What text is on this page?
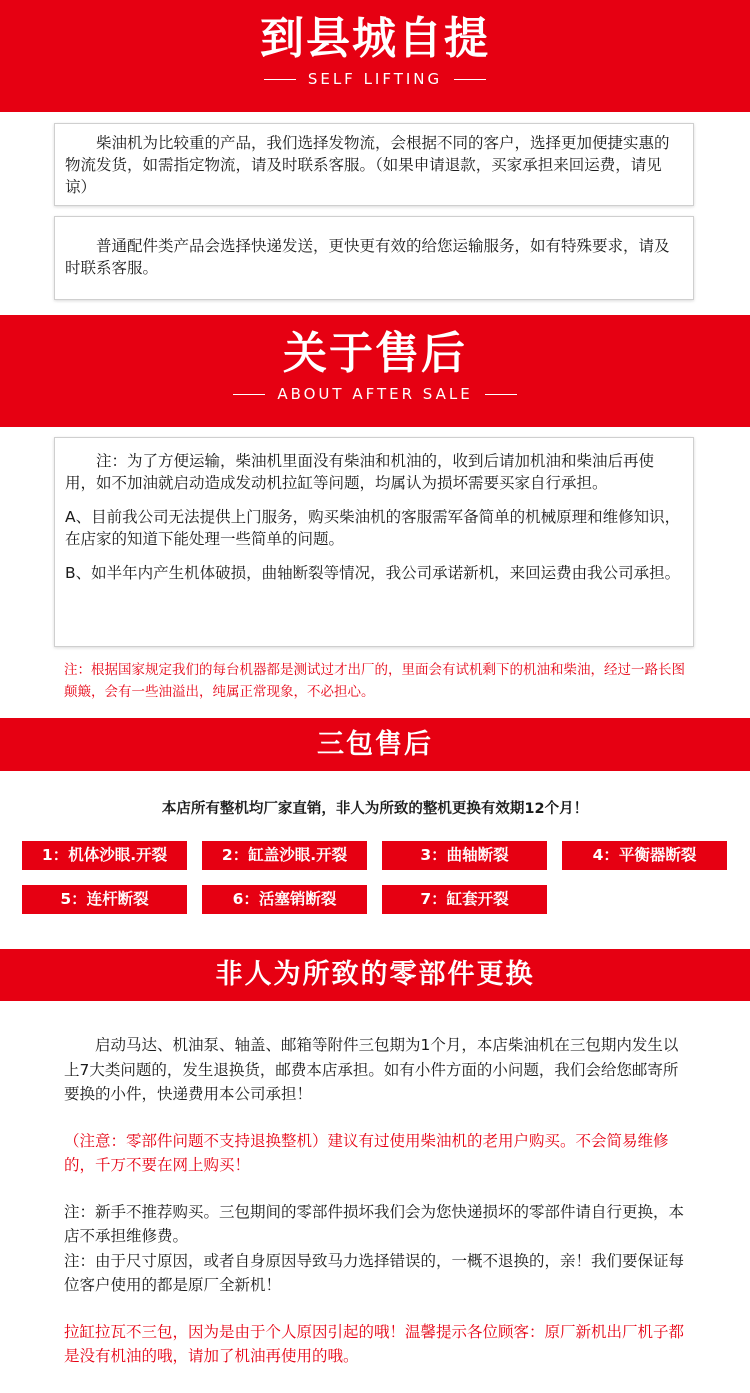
到县城自提
SELF LIFTING

柴油机为比较重的产品，我们选择发物流，会根据不同的客户，选择更加便捷实惠的物流发货，如需指定物流，请及时联系客服。（如果申请退款，买家承担来回运费，请见谅）

普通配件类产品会选择快递发送，更快更有效的给您运输服务，如有特殊要求，请及时联系客服。

关于售后
ABOUT AFTER SALE

注：为了方便运输，柴油机里面没有柴油和机油的，收到后请加机油和柴油后再使用，如不加油就启动造成发动机拉缸等问题，均属认为损坏需要买家自行承担。

A、目前我公司无法提供上门服务，购买柴油机的客服需军备简单的机械原理和维修知识，在店家的知道下能处理一些简单的问题。

B、如半年内产生机体破损，曲轴断裂等情况，我公司承诺新机，来回运费由我公司承担。

注：根据国家规定我们的每台机器都是测试过才出厂的，里面会有试机剩下的机油和柴油，经过一路长图颠簸，会有一些油溢出，纯属正常现象，不必担心。
三包售后
本店所有整机均厂家直销，非人为所致的整机更换有效期12个月！
1：机体沙眼.开裂	2：缸盖沙眼.开裂	3：曲轴断裂	4：平衡器断裂
5：连杆断裂	6：活塞销断裂	7：缸套开裂
非人为所致的零部件更换

启动马达、机油泵、轴盖、邮箱等附件三包期为1个月，本店柴油机在三包期内发生以上7大类问题的，发生退换货，邮费本店承担。如有小件方面的小问题，我们会给您邮寄所要换的小件，快递费用本公司承担！

（注意：零部件问题不支持退换整机）建议有过使用柴油机的老用户购买。不会简易维修的，千万不要在网上购买！

注：新手不推荐购买。三包期间的零部件损坏我们会为您快递损坏的零部件请自行更换，本店不承担维修费。

注：由于尺寸原因，或者自身原因导致马力选择错误的，一概不退换的，亲！我们要保证每位客户使用的都是原厂全新机！

拉缸拉瓦不三包，因为是由于个人原因引起的哦！温馨提示各位顾客：原厂新机出厂机子都是没有机油的哦，请加了机油再使用的哦。
